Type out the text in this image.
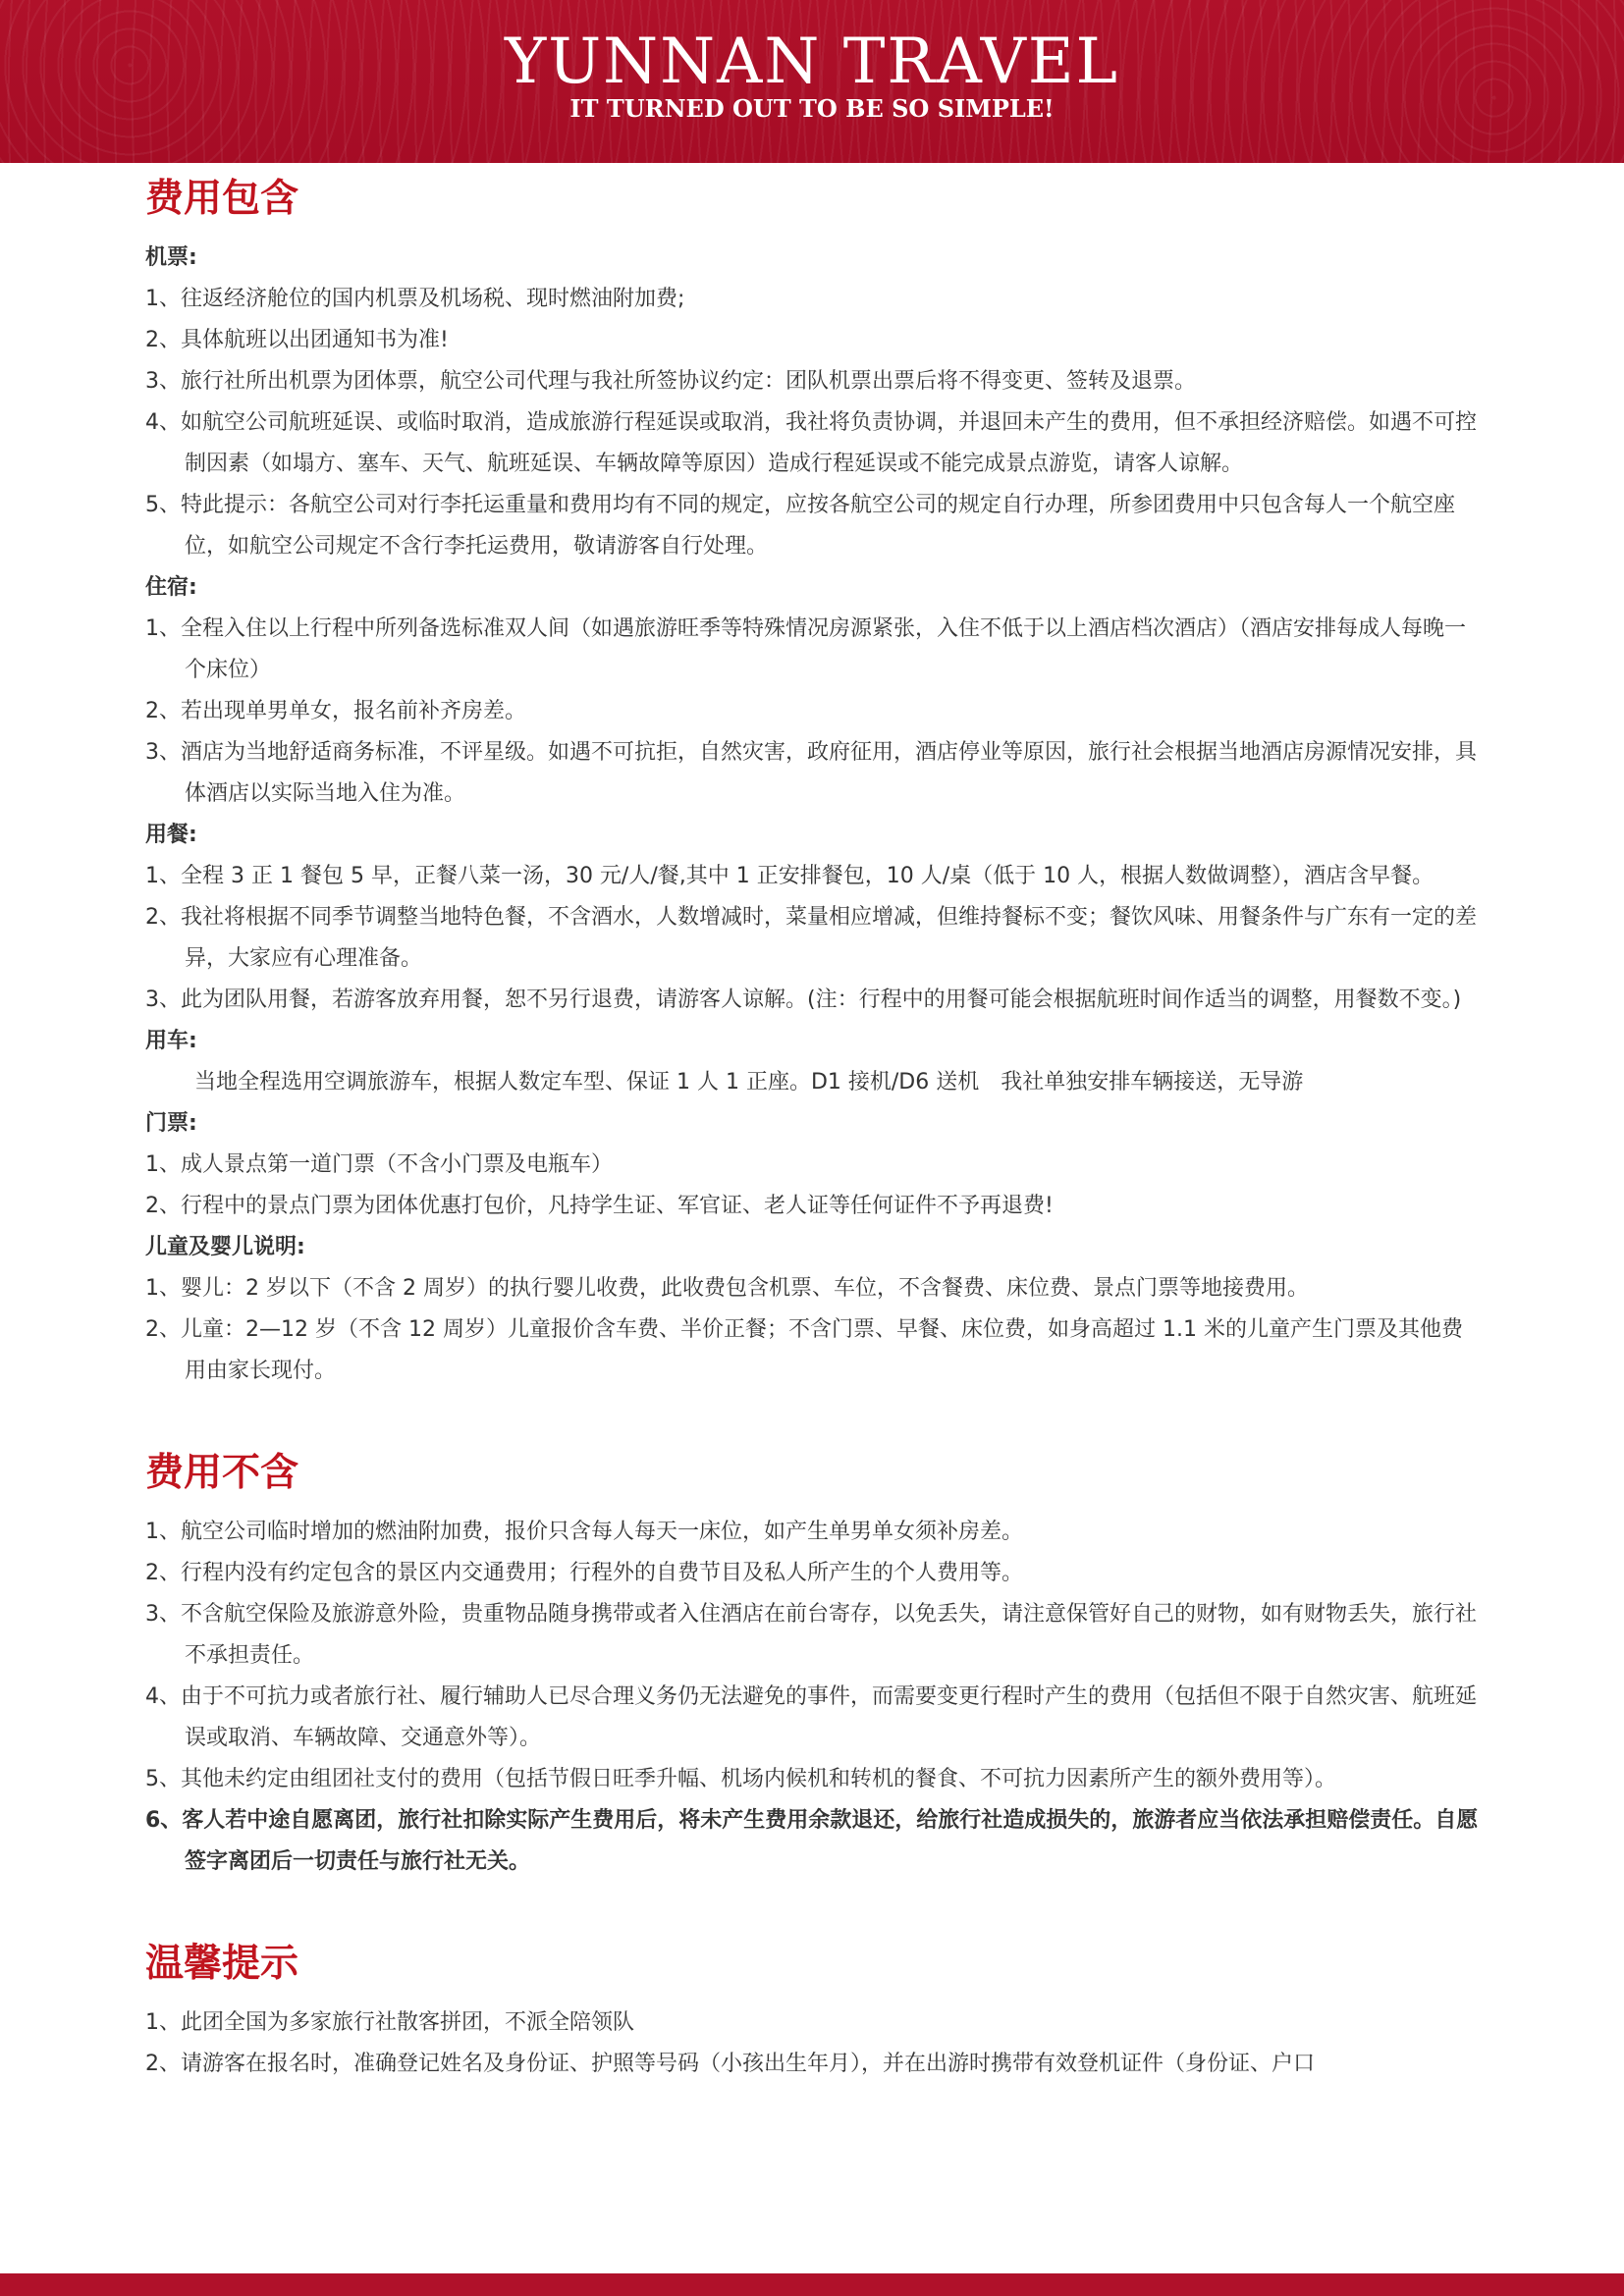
YUNNAN TRAVEL
IT TURNED OUT TO BE SO SIMPLE!
费用包含
机票:
1、往返经济舱位的国内机票及机场税、现时燃油附加费;
2、具体航班以出团通知书为准!
3、旅行社所出机票为团体票，航空公司代理与我社所签协议约定：团队机票出票后将不得变更、签转及退票。
4、如航空公司航班延误、或临时取消，造成旅游行程延误或取消，我社将负责协调，并退回未产生的费用，但不承担经济赔偿。如遇不可控制因素（如塌方、塞车、天气、航班延误、车辆故障等原因）造成行程延误或不能完成景点游览，请客人谅解。
5、特此提示：各航空公司对行李托运重量和费用均有不同的规定，应按各航空公司的规定自行办理，所参团费用中只包含每人一个航空座位，如航空公司规定不含行李托运费用，敬请游客自行处理。
住宿:
1、全程入住以上行程中所列备选标准双人间（如遇旅游旺季等特殊情况房源紧张，入住不低于以上酒店档次酒店）（酒店安排每成人每晚一个床位）
2、若出现单男单女，报名前补齐房差。
3、酒店为当地舒适商务标准，不评星级。如遇不可抗拒，自然灾害，政府征用，酒店停业等原因，旅行社会根据当地酒店房源情况安排，具体酒店以实际当地入住为准。
用餐:
1、全程 3 正 1 餐包 5 早，正餐八菜一汤，30 元/人/餐,其中 1 正安排餐包，10 人/桌（低于 10 人，根据人数做调整），酒店含早餐。
2、我社将根据不同季节调整当地特色餐，不含酒水，人数增减时，菜量相应增减，但维持餐标不变；餐饮风味、用餐条件与广东有一定的差异，大家应有心理准备。
3、此为团队用餐，若游客放弃用餐，恕不另行退费，请游客人谅解。(注：行程中的用餐可能会根据航班时间作适当的调整，用餐数不变。)
用车:
当地全程选用空调旅游车，根据人数定车型、保证 1 人 1 正座。D1 接机/D6 送机　我社单独安排车辆接送，无导游
门票:
1、成人景点第一道门票（不含小门票及电瓶车）
2、行程中的景点门票为团体优惠打包价，凡持学生证、军官证、老人证等任何证件不予再退费!
儿童及婴儿说明:
1、婴儿：2 岁以下（不含 2 周岁）的执行婴儿收费，此收费包含机票、车位，不含餐费、床位费、景点门票等地接费用。
2、儿童：2—12 岁（不含 12 周岁）儿童报价含车费、半价正餐；不含门票、早餐、床位费，如身高超过 1.1 米的儿童产生门票及其他费用由家长现付。
费用不含
1、航空公司临时增加的燃油附加费，报价只含每人每天一床位，如产生单男单女须补房差。
2、行程内没有约定包含的景区内交通费用；行程外的自费节目及私人所产生的个人费用等。
3、不含航空保险及旅游意外险，贵重物品随身携带或者入住酒店在前台寄存，以免丢失，请注意保管好自己的财物，如有财物丢失，旅行社不承担责任。
4、由于不可抗力或者旅行社、履行辅助人已尽合理义务仍无法避免的事件，而需要变更行程时产生的费用（包括但不限于自然灾害、航班延误或取消、车辆故障、交通意外等）。
5、其他未约定由组团社支付的费用（包括节假日旺季升幅、机场内候机和转机的餐食、不可抗力因素所产生的额外费用等）。
6、客人若中途自愿离团，旅行社扣除实际产生费用后，将未产生费用余款退还，给旅行社造成损失的，旅游者应当依法承担赔偿责任。自愿签字离团后一切责任与旅行社无关。
温馨提示
1、此团全国为多家旅行社散客拼团，不派全陪领队
2、请游客在报名时，准确登记姓名及身份证、护照等号码（小孩出生年月），并在出游时携带有效登机证件（身份证、户口
